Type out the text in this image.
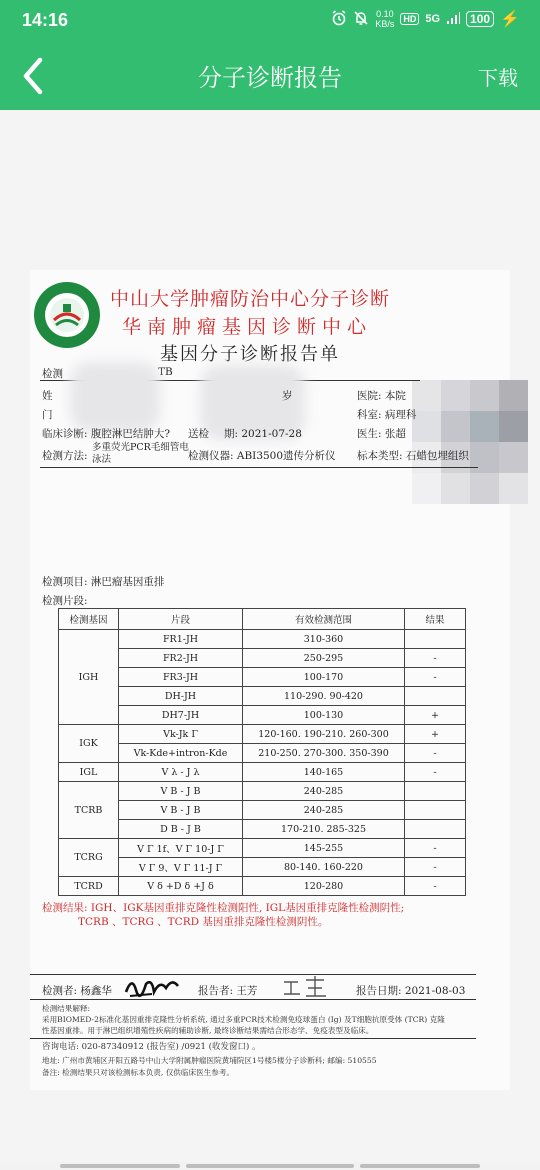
14:16	0.10
KB/s	HD 5G	100 ⚡
分子诊断报告	下载
中山大学肿瘤防治中心分子诊断
华南肿瘤基因诊断中心
基因分子诊断报告单
检测	TB
姓	岁	医院: 本院
门	科室: 病理科
临床诊断: 腹腔淋巴结肿大? 送检 期: 2021-07-28	医生: 张超
检测方法:
多重荧光PCR毛细管电泳法	检测仪器: ABI3500遗传分析仪 标本类型: 石蜡包埋组织
检测项目: 淋巴瘤基因重排
检测片段:
检测基因	片段	有效检测范围	结果
IGH	FR1-JH	310-360	
	FR2-JH	250-295	-
	FR3-JH	100-170	-
	DH-JH	110-290. 90-420	
	DH7-JH	100-130	+
IGK	Vk-Jk Γ	120-160. 190-210. 260-300	+
	Vk-Kde+intron-Kde	210-250. 270-300. 350-390	-
IGL	V λ - J λ	140-165	-
TCRB	V B - J B	240-285	
	V B - J B	240-285	
	D B - J B	170-210. 285-325	
TCRG	V Γ 1f、V Γ 10-J Γ	145-255	-
	V Γ 9、V Γ 11-J Γ	80-140. 160-220	-
TCRD	V δ +D δ +J δ	120-280	-
检测结果: IGH、IGK基因重排克隆性检测阳性, IGL基因重排克隆性检测阴性;
TCRB 、TCRG 、TCRD 基因重排克隆性检测阴性。
检测者: 杨鑫华	报告者: 王芳	报告日期: 2021-08-03
检测结果解释:
采用BIOMED-2标准化基因重排克隆性分析系统, 通过多重PCR技术检测免疫球蛋白 (Ig) 及T细胞抗原受体 (TCR) 克隆
性基因重排。用于淋巴组织增殖性疾病的辅助诊断, 最终诊断结果需结合形态学、免疫表型及临床。
咨询电话: 020-87340912 (报告室) /0921 (收发窗口) 。
地址: 广州市黄埔区开阳五路号中山大学附属肿瘤医院黄埔院区1号楼5楼分子诊断科; 邮编: 510555
备注: 检测结果只对该检测标本负责, 仅供临床医生参考。
